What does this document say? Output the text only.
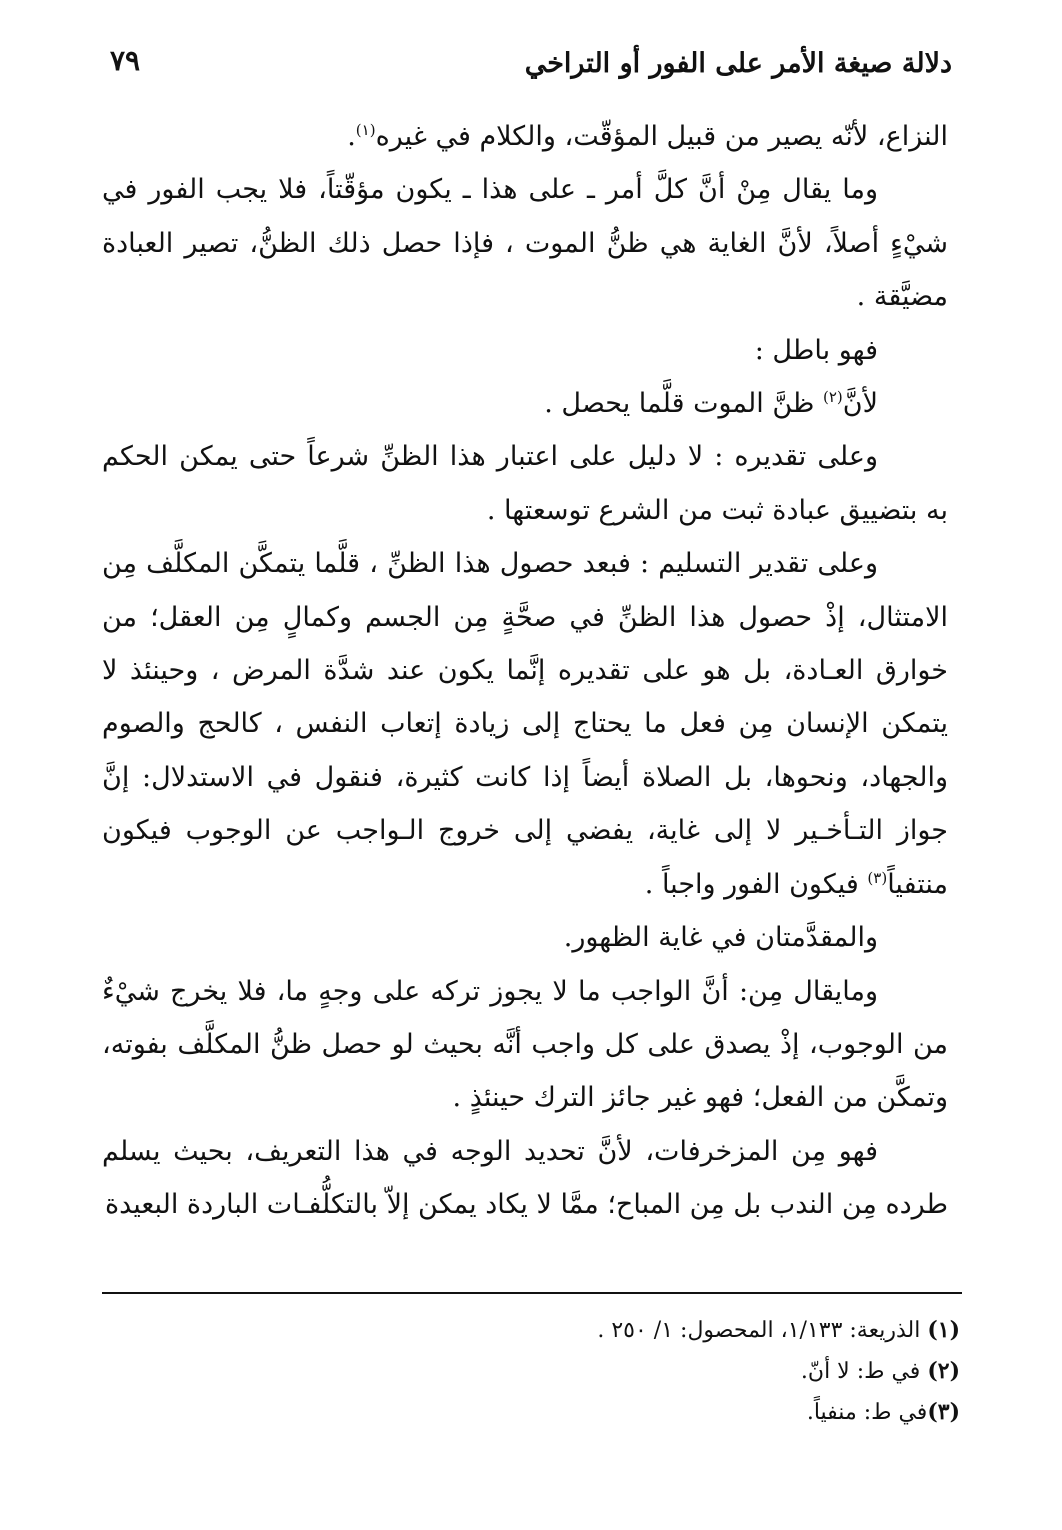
دلالة صيغة الأمر على الفور أو التراخي
٧٩

النزاع، لأنّه يصير من قبيل المؤقّت، والكلام في غيره$^{(١)}$.

وما يقال مِنْ أنَّ كلَّ أمر ـ على هذا ـ يكون مؤقّتاً، فلا يجب الفور في شيْءٍ أصلاً، لأنَّ الغاية هي ظنُّ الموت ، فإذا حصل ذلك الظنُّ، تصير العبادة مضيَّقة .

فهو باطل :

لأنَّ$^{(٢)}$ ظنَّ الموت قلَّما يحصل .

وعلى تقديره : لا دليل على اعتبار هذا الظنِّ شرعاً حتى يمكن الحكم به بتضييق عبادة ثبت من الشرع توسعتها .

وعلى تقدير التسليم : فبعد حصول هذا الظنِّ ، قلَّما يتمكَّن المكلَّف مِن الامتثال، إذْ حصول هذا الظنِّ في صحَّةٍ مِن الجسم وكمالٍ مِن العقل؛ من خوارق العـادة، بل هو على تقديره إنَّما يكون عند شدَّة المرض ، وحينئذ لا يتمكن الإنسان مِن فعل ما يحتاج إلى زيادة إتعاب النفس ، كالحج والصوم والجهاد، ونحوها، بل الصلاة أيضاً إذا كانت كثيرة، فنقول في الاستدلال: إنَّ جواز التـأخـير لا إلى غاية، يفضي إلى خروج الـواجب عن الوجوب فيكون منتفياً$^{(٣)}$ فيكون الفور واجباً .

والمقدَّمتان في غاية الظهور.

ومايقال مِن: أنَّ الواجب ما لا يجوز تركه على وجهٍ ما، فلا يخرج شيْءٌ من الوجوب، إذْ يصدق على كل واجب أنَّه بحيث لو حصل ظنُّ المكلَّف بفوته، وتمكَّن من الفعل؛ فهو غير جائز الترك حينئذٍ .

فهو مِن المزخرفات، لأنَّ تحديد الوجه في هذا التعريف، بحيث يسلم طرده مِن الندب بل مِن المباح؛ ممَّا لا يكاد يمكن إلاّ بالتكلُّفـات الباردة البعيدة

(١) الذريعة: ١/١٣٣، المحصول: ١/ ٢٥٠ .
(٢) في ط: لا أنّ.
(٣)في ط: منفياً.
